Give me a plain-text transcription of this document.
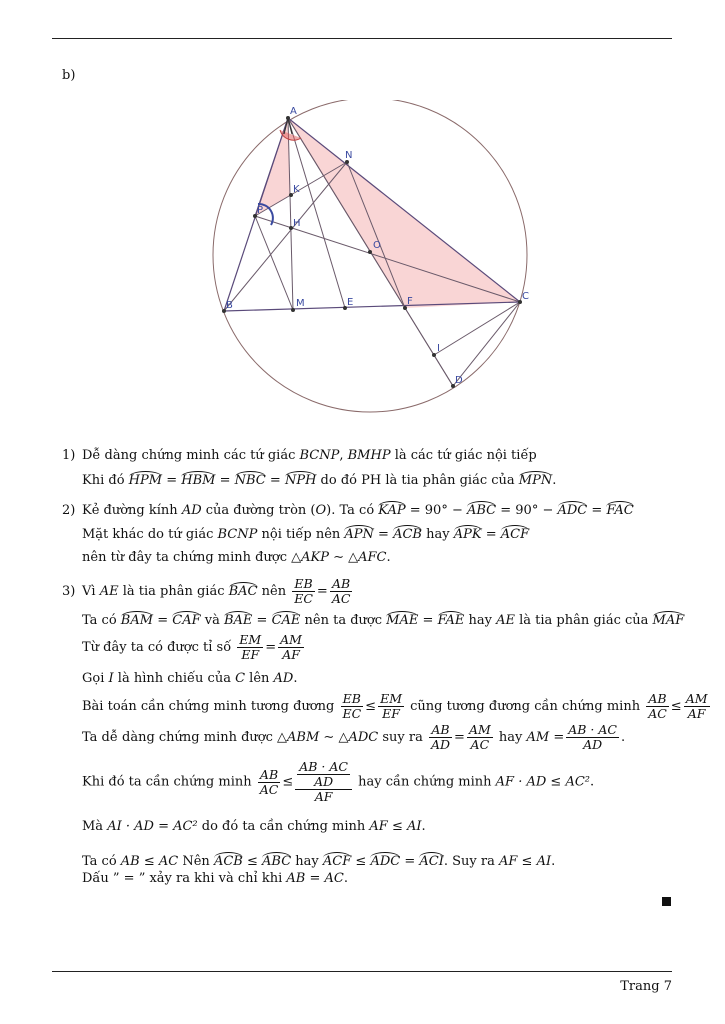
b)
A
N
K
P
H
O
B	M	E	F	C
I
D
1) Dễ dàng chứng minh các tứ giác BCNP, BMHP là các tứ giác nội tiếp
Khi đó HPM = HBM = NBC = NPH do đó PH là tia phân giác của MPN.
2) Kẻ đường kính AD của đường tròn (O). Ta có KAP = 90° − ABC = 90° − ADC = FAC
Mặt khác do tứ giác BCNP nội tiếp nên APN = ACB hay APK = ACF
nên từ đây ta chứng minh được △AKP ∼ △AFC.
3) Vì AE là tia phân giác BAC nên $\frac{EB}{EC} = \frac{AB}{AC}$
Ta có BAM = CAF và BAE = CAE nên ta được MAE = FAE hay AE là tia phân giác của MAF
Từ đây ta có được tỉ số $\frac{EM}{EF} = \frac{AM}{AF}$
Gọi I là hình chiếu của C lên AD.
Bài toán cần chứng minh tương đương $\frac{EB}{EC} \le \frac{EM}{EF}$ cũng tương đương cần chứng minh $\frac{AB}{AC} \le \frac{AM}{AF}$
Ta dễ dàng chứng minh được △ABM ∼ △ADC suy ra $\frac{AB}{AD} = \frac{AM}{AC}$ hay AM = $\frac{AB \cdot AC}{AD}$ .
Khi đó ta cần chứng minh $\frac{AB}{AC} \le \frac{\frac{AB \cdot AC}{AD}}{AF}$ hay cần chứng minh AF · AD ≤ AC².
Mà AI · AD = AC² do đó ta cần chứng minh AF ≤ AI.
Ta có AB ≤ AC Nên ACB ≤ ABC hay ACF ≤ ADC = ACI. Suy ra AF ≤ AI.
Dấu ” = ” xảy ra khi và chỉ khi AB = AC.
Trang 7
